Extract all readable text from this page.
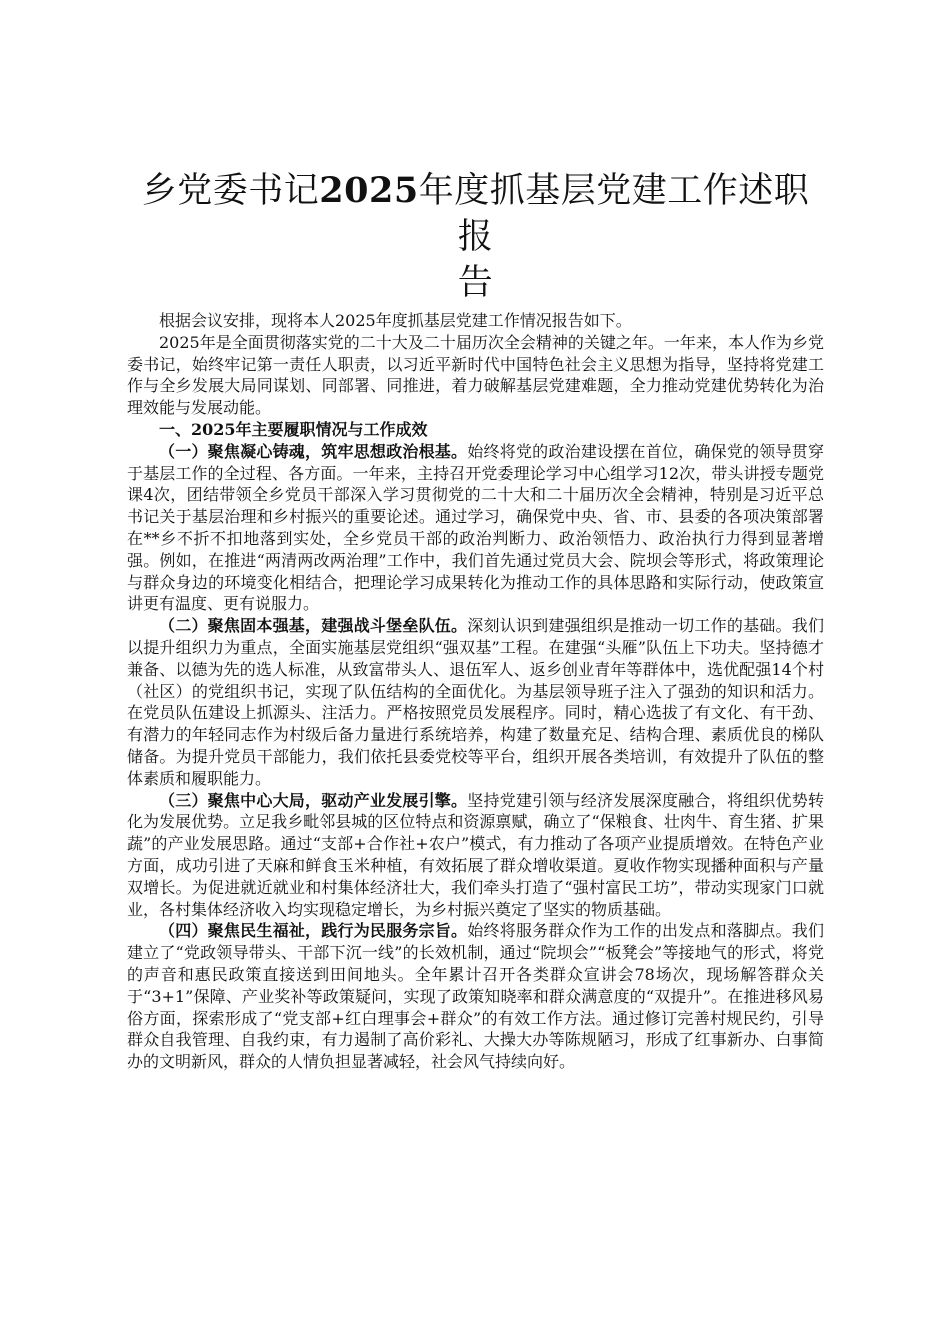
乡党委书记2025年度抓基层党建工作述职报
告

根据会议安排，现将本人2025年度抓基层党建工作情况报告如下。

2025年是全面贯彻落实党的二十大及二十届历次全会精神的关键之年。一年来，本人作为乡党委书记，始终牢记第一责任人职责，以习近平新时代中国特色社会主义思想为指导，坚持将党建工作与全乡发展大局同谋划、同部署、同推进，着力破解基层党建难题，全力推动党建优势转化为治理效能与发展动能。

一、2025年主要履职情况与工作成效

（一）聚焦凝心铸魂，筑牢思想政治根基。始终将党的政治建设摆在首位，确保党的领导贯穿于基层工作的全过程、各方面。一年来，主持召开党委理论学习中心组学习12次，带头讲授专题党课4次，团结带领全乡党员干部深入学习贯彻党的二十大和二十届历次全会精神，特别是习近平总书记关于基层治理和乡村振兴的重要论述。通过学习，确保党中央、省、市、县委的各项决策部署在**乡不折不扣地落到实处，全乡党员干部的政治判断力、政治领悟力、政治执行力得到显著增强。例如，在推进“两清两改两治理”工作中，我们首先通过党员大会、院坝会等形式，将政策理论与群众身边的环境变化相结合，把理论学习成果转化为推动工作的具体思路和实际行动，使政策宣讲更有温度、更有说服力。

（二）聚焦固本强基，建强战斗堡垒队伍。深刻认识到建强组织是推动一切工作的基础。我们以提升组织力为重点，全面实施基层党组织“强双基”工程。在建强“头雁”队伍上下功夫。坚持德才兼备、以德为先的选人标准，从致富带头人、退伍军人、返乡创业青年等群体中，选优配强14个村（社区）的党组织书记，实现了队伍结构的全面优化。为基层领导班子注入了强劲的知识和活力。在党员队伍建设上抓源头、注活力。严格按照党员发展程序。同时，精心选拔了有文化、有干劲、有潜力的年轻同志作为村级后备力量进行系统培养，构建了数量充足、结构合理、素质优良的梯队储备。为提升党员干部能力，我们依托县委党校等平台，组织开展各类培训，有效提升了队伍的整体素质和履职能力。

（三）聚焦中心大局，驱动产业发展引擎。坚持党建引领与经济发展深度融合，将组织优势转化为发展优势。立足我乡毗邻县城的区位特点和资源禀赋，确立了“保粮食、壮肉牛、育生猪、扩果蔬”的产业发展思路。通过“支部+合作社+农户”模式，有力推动了各项产业提质增效。在特色产业方面，成功引进了天麻和鲜食玉米种植，有效拓展了群众增收渠道。夏收作物实现播种面积与产量双增长。为促进就近就业和村集体经济壮大，我们牵头打造了“强村富民工坊”，带动实现家门口就业，各村集体经济收入均实现稳定增长，为乡村振兴奠定了坚实的物质基础。

（四）聚焦民生福祉，践行为民服务宗旨。始终将服务群众作为工作的出发点和落脚点。我们建立了“党政领导带头、干部下沉一线”的长效机制，通过“院坝会”“板凳会”等接地气的形式，将党的声音和惠民政策直接送到田间地头。全年累计召开各类群众宣讲会78场次，现场解答群众关于“3+1”保障、产业奖补等政策疑问，实现了政策知晓率和群众满意度的“双提升”。在推进移风易俗方面，探索形成了“党支部+红白理事会+群众”的有效工作方法。通过修订完善村规民约，引导群众自我管理、自我约束，有力遏制了高价彩礼、大操大办等陈规陋习，形成了红事新办、白事简办的文明新风，群众的人情负担显著减轻，社会风气持续向好。
